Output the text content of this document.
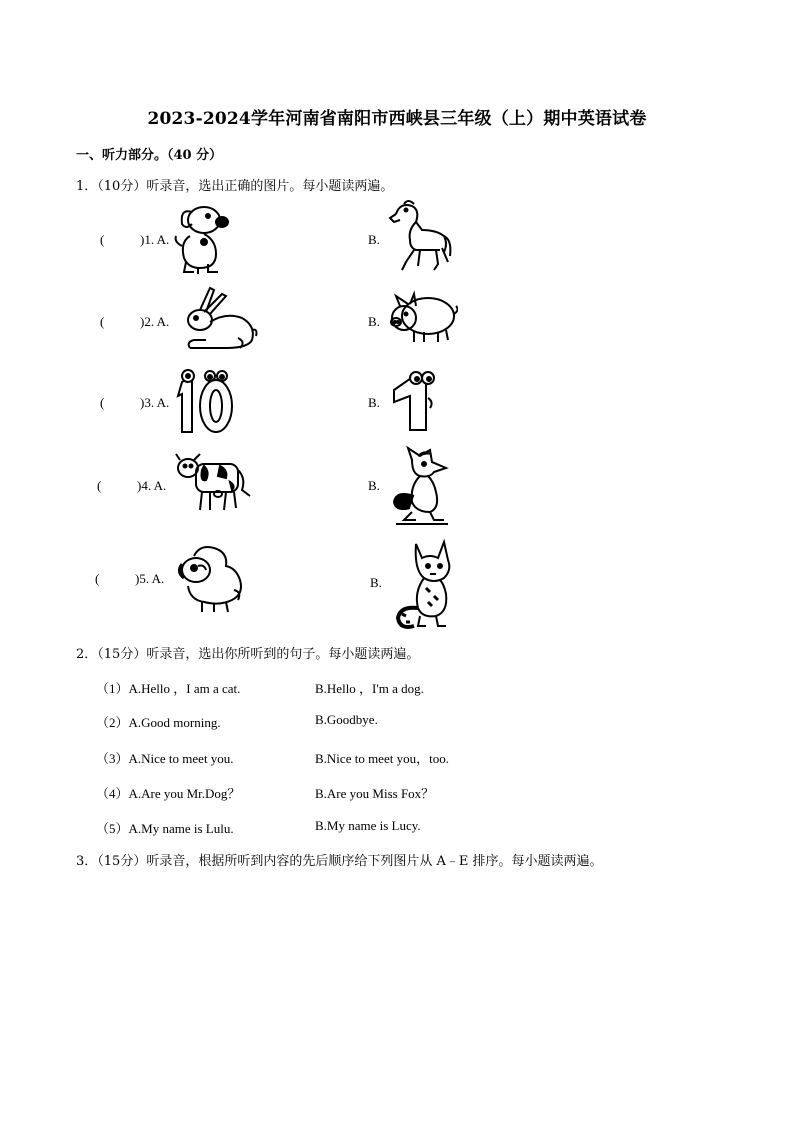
2023-2024学年河南省南阳市西峡县三年级（上）期中英语试卷
一、听力部分。（40 分）
1．（10分）听录音，选出正确的图片。每小题读两遍。
(	)1. A.	B.
(	)2. A.	B.
(	)3. A.	B.
(	)4. A.	B.
(	)5. A.	B.
2．（15分）听录音，选出你所听到的句子。每小题读两遍。
（1）A.Hello ，I am a cat.	B.Hello ，I'm a dog.
（2）A.Good morning.	B.Goodbye.
（3）A.Nice to meet you.	B.Nice to meet you，too.
（4）A.Are you Mr.Dog？	B.Are you Miss Fox？
（5）A.My name is Lulu.	B.My name is Lucy.
3．（15分）听录音，根据所听到内容的先后顺序给下列图片从 A﹣E 排序。每小题读两遍。
